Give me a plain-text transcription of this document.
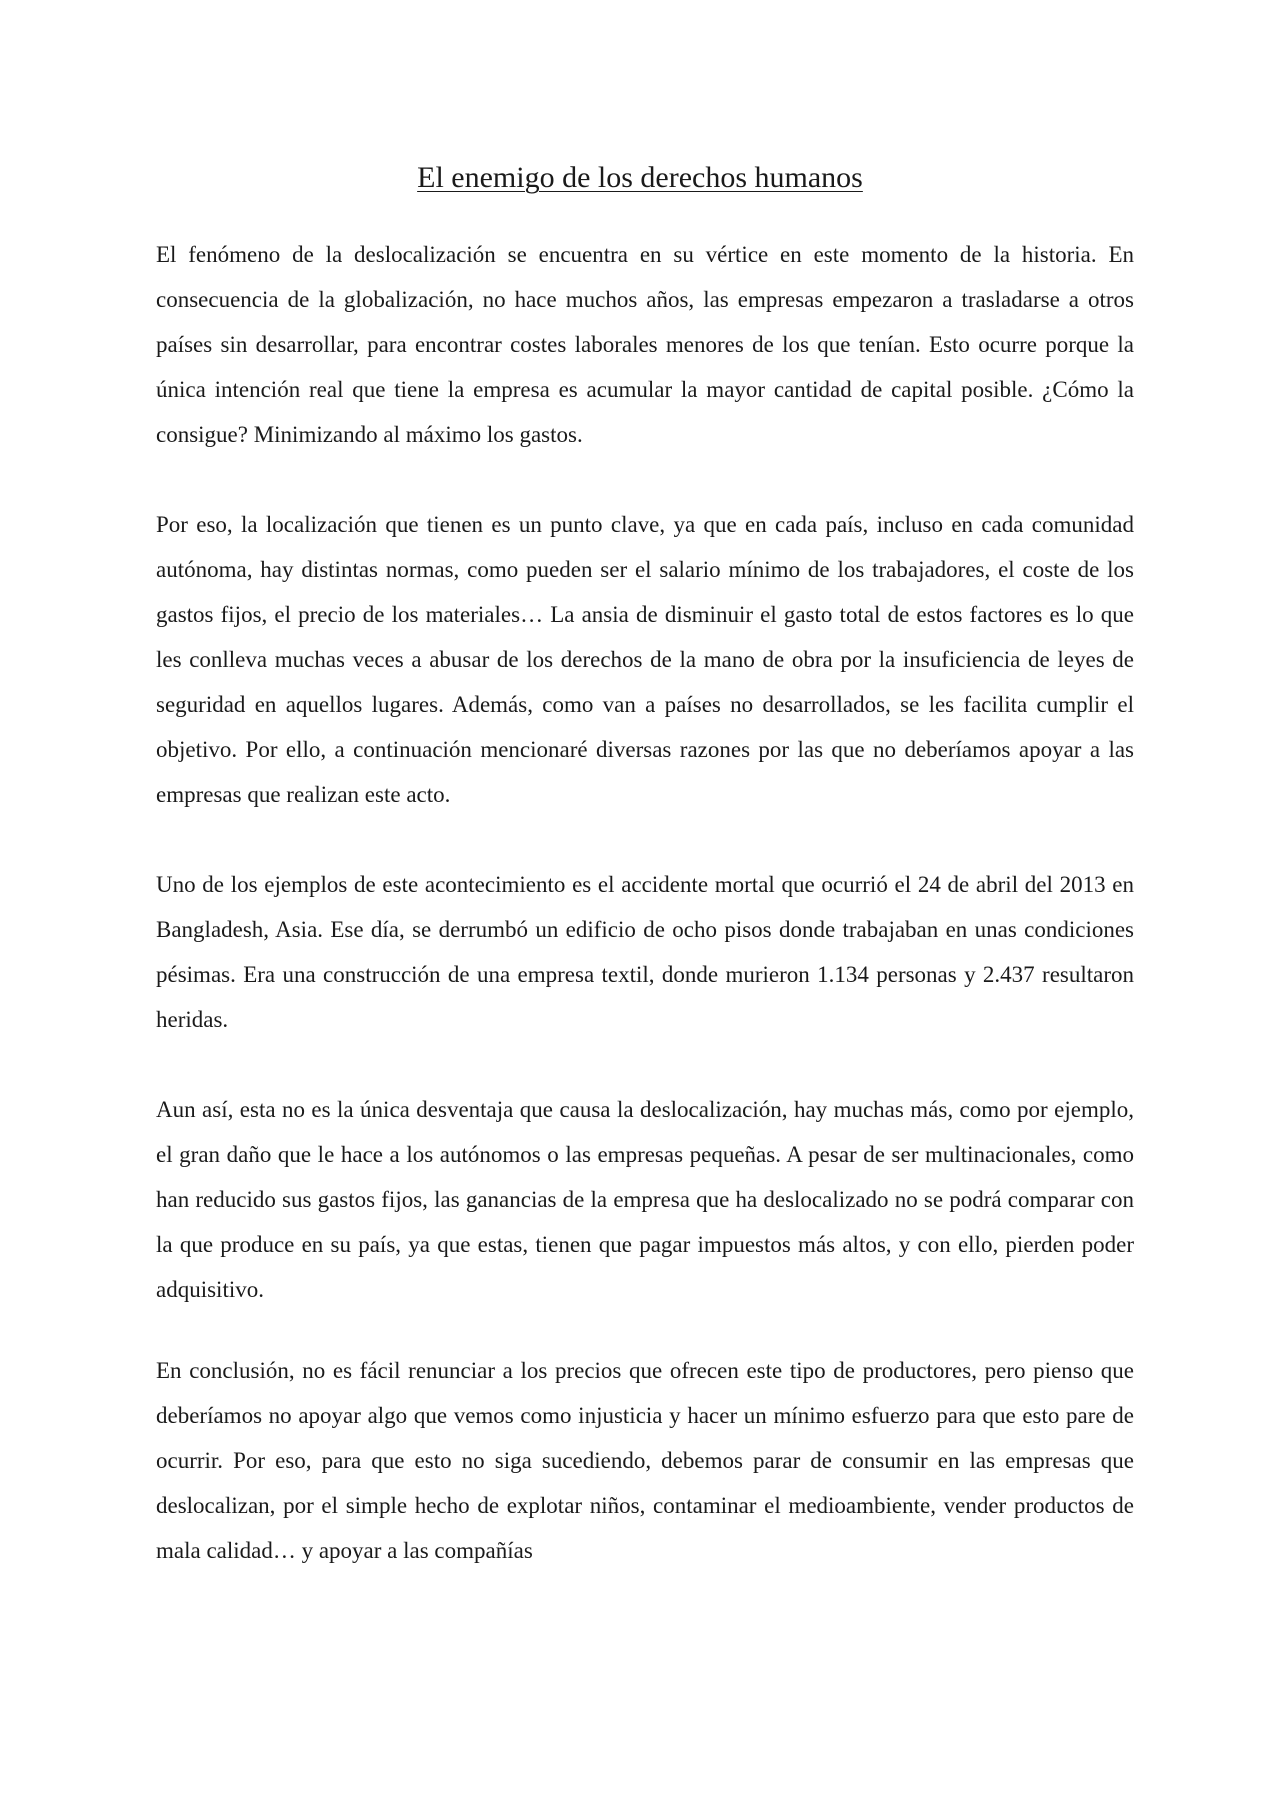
El enemigo de los derechos humanos

El fenómeno de la deslocalización se encuentra en su vértice en este momento de la historia. En consecuencia de la globalización, no hace muchos años, las empresas empezaron a trasladarse a otros países sin desarrollar, para encontrar costes laborales menores de los que tenían. Esto ocurre porque la única intención real que tiene la empresa es acumular la mayor cantidad de capital posible. ¿Cómo la consigue? Minimizando al máximo los gastos.

Por eso, la localización que tienen es un punto clave, ya que en cada país, incluso en cada comunidad autónoma, hay distintas normas, como pueden ser el salario mínimo de los trabajadores, el coste de los gastos fijos, el precio de los materiales… La ansia de disminuir el gasto total de estos factores es lo que les conlleva muchas veces a abusar de los derechos de la mano de obra por la insuficiencia de leyes de seguridad en aquellos lugares. Además, como van a países no desarrollados, se les facilita cumplir el objetivo. Por ello, a continuación mencionaré diversas razones por las que no deberíamos apoyar a las empresas que realizan este acto.

Uno de los ejemplos de este acontecimiento es el accidente mortal que ocurrió el 24 de abril del 2013 en Bangladesh, Asia. Ese día, se derrumbó un edificio de ocho pisos donde trabajaban en unas condiciones pésimas. Era una construcción de una empresa textil, donde murieron 1.134 personas y 2.437 resultaron heridas.

Aun así, esta no es la única desventaja que causa la deslocalización, hay muchas más, como por ejemplo, el gran daño que le hace a los autónomos o las empresas pequeñas. A pesar de ser multinacionales, como han reducido sus gastos fijos, las ganancias de la empresa que ha deslocalizado no se podrá comparar con la que produce en su país, ya que estas, tienen que pagar impuestos más altos, y con ello, pierden poder adquisitivo.

En conclusión, no es fácil renunciar a los precios que ofrecen este tipo de productores, pero pienso que deberíamos no apoyar algo que vemos como injusticia y hacer un mínimo esfuerzo para que esto pare de ocurrir. Por eso, para que esto no siga sucediendo, debemos parar de consumir en las empresas que deslocalizan, por el simple hecho de explotar niños, contaminar el medioambiente, vender productos de mala calidad… y apoyar a las compañías
